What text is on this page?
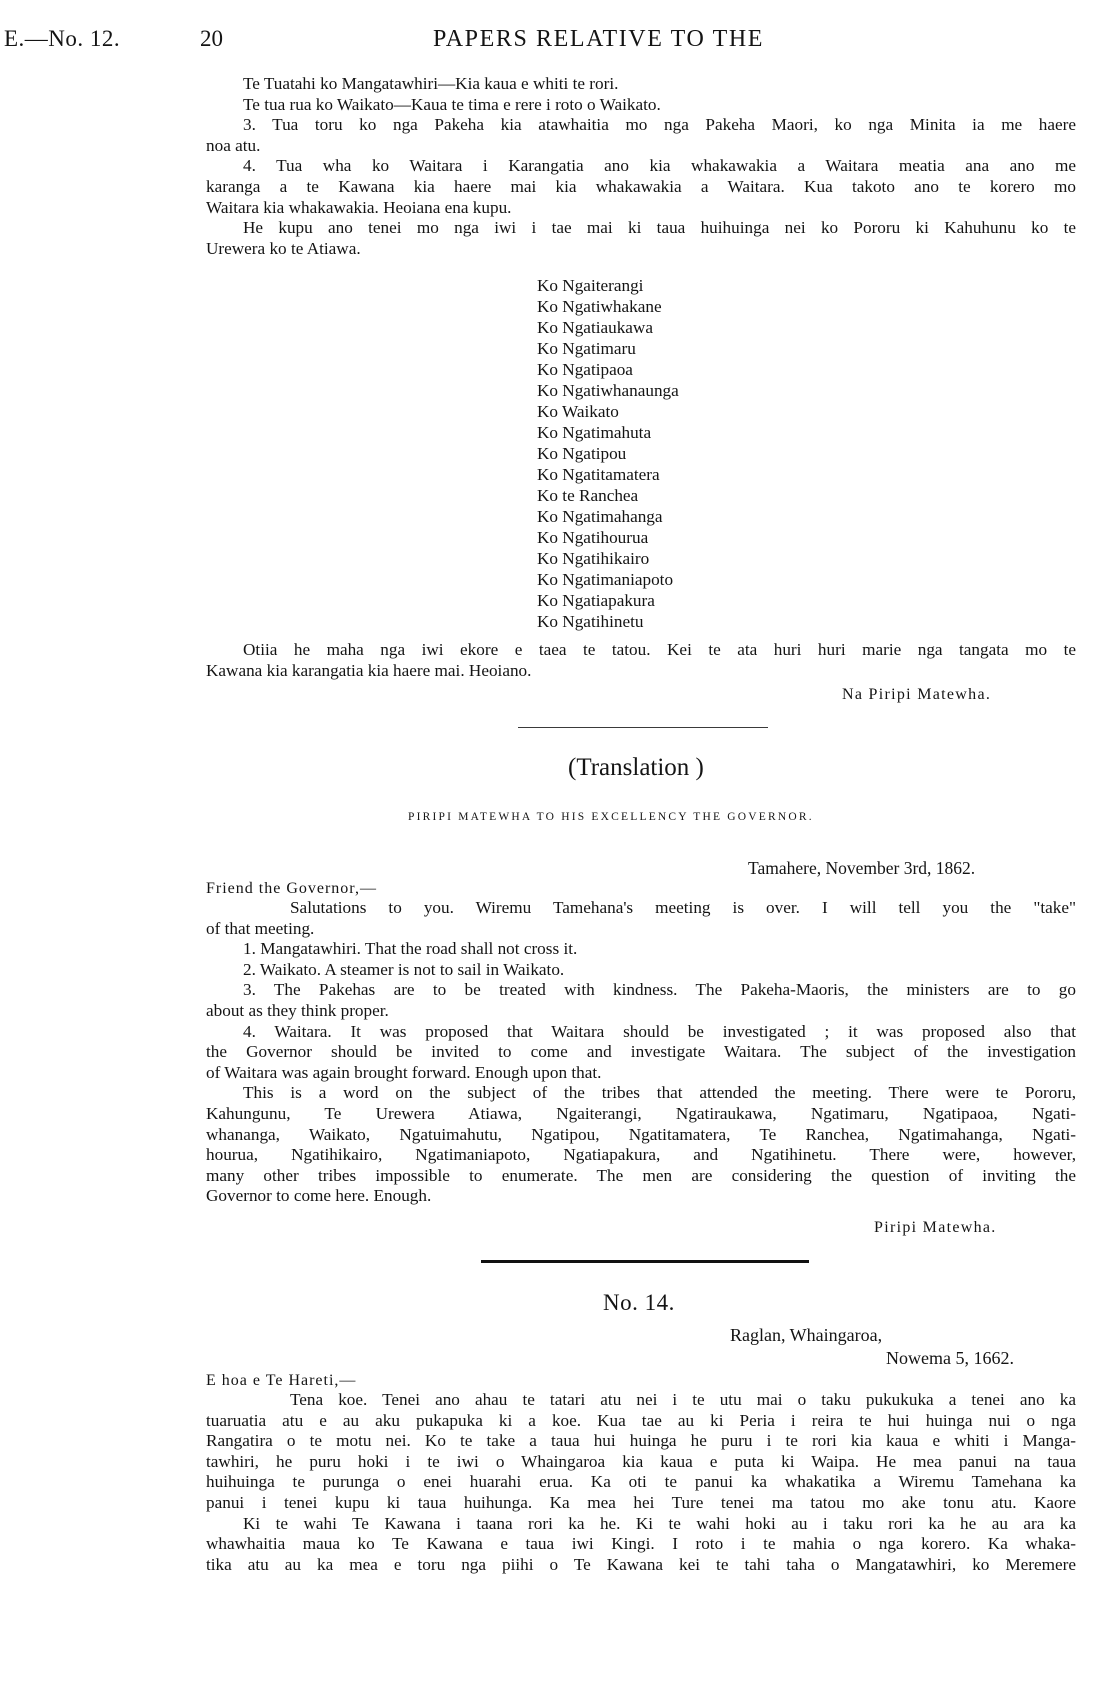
E.—No. 12.	20	PAPERS RELATIVE TO THE

Te Tuatahi ko Mangatawhiri—Kia kaua e whiti te rori.

Te tua rua ko Waikato—Kaua te tima e rere i roto o Waikato.

3. Tua toru ko nga Pakeha kia atawhaitia mo nga Pakeha Maori, ko nga Minita ia me haere

noa atu.

4. Tua wha ko Waitara i Karangatia ano kia whakawakia a Waitara meatia ana ano me

karanga a te Kawana kia haere mai kia whakawakia a Waitara. Kua takoto ano te korero mo

Waitara kia whakawakia. Heoiana ena kupu.

He kupu ano tenei mo nga iwi i tae mai ki taua huihuinga nei ko Pororu ki Kahuhunu ko te

Urewera ko te Atiawa.

Ko Ngaiterangi
Ko Ngatiwhakane
Ko Ngatiaukawa
Ko Ngatimaru
Ko Ngatipaoa
Ko Ngatiwhanaunga
Ko Waikato
Ko Ngatimahuta
Ko Ngatipou
Ko Ngatitamatera
Ko te Ranchea
Ko Ngatimahanga
Ko Ngatihourua
Ko Ngatihikairo
Ko Ngatimaniapoto
Ko Ngatiapakura
Ko Ngatihinetu

Otiia he maha nga iwi ekore e taea te tatou. Kei te ata huri huri marie nga tangata mo te

Kawana kia karangatia kia haere mai. Heoiano.

Na Piripi Matewha.
(Translation )
PIRIPI MATEWHA TO HIS EXCELLENCY THE GOVERNOR.
Tamahere, November 3rd, 1862.
Friend the Governor,—

Salutations to you. Wiremu Tamehana's meeting is over. I will tell you the "take"

of that meeting.

1. Mangatawhiri. That the road shall not cross it.

2. Waikato. A steamer is not to sail in Waikato.

3. The Pakehas are to be treated with kindness. The Pakeha-Maoris, the ministers are to go

about as they think proper.

4. Waitara. It was proposed that Waitara should be investigated ; it was proposed also that

the Governor should be invited to come and investigate Waitara. The subject of the investigation

of Waitara was again brought forward. Enough upon that.

This is a word on the subject of the tribes that attended the meeting. There were te Pororu,

Kahungunu, Te Urewera Atiawa, Ngaiterangi, Ngatiraukawa, Ngatimaru, Ngatipaoa, Ngati-

whananga, Waikato, Ngatuimahutu, Ngatipou, Ngatitamatera, Te Ranchea, Ngatimahanga, Ngati-

hourua, Ngatihikairo, Ngatimaniapoto, Ngatiapakura, and Ngatihinetu. There were, however,

many other tribes impossible to enumerate. The men are considering the question of inviting the

Governor to come here. Enough.

Piripi Matewha.
No. 14.
Raglan, Whaingaroa,
Nowema 5, 1662.
E hoa e Te Hareti,—

Tena koe. Tenei ano ahau te tatari atu nei i te utu mai o taku pukukuka a tenei ano ka

tuaruatia atu e au aku pukapuka ki a koe. Kua tae au ki Peria i reira te hui huinga nui o nga

Rangatira o te motu nei. Ko te take a taua hui huinga he puru i te rori kia kaua e whiti i Manga-

tawhiri, he puru hoki i te iwi o Whaingaroa kia kaua e puta ki Waipa. He mea panui na taua

huihuinga te purunga o enei huarahi erua. Ka oti te panui ka whakatika a Wiremu Tamehana ka

panui i tenei kupu ki taua huihunga. Ka mea hei Ture tenei ma tatou mo ake tonu atu. Kaore

Ki te wahi Te Kawana i taana rori ka he. Ki te wahi hoki au i taku rori ka he au ara ka

whawhaitia maua ko Te Kawana e taua iwi Kingi. I roto i te mahia o nga korero. Ka whaka-

tika atu au ka mea e toru nga piihi o Te Kawana kei te tahi taha o Mangatawhiri, ko Meremere
